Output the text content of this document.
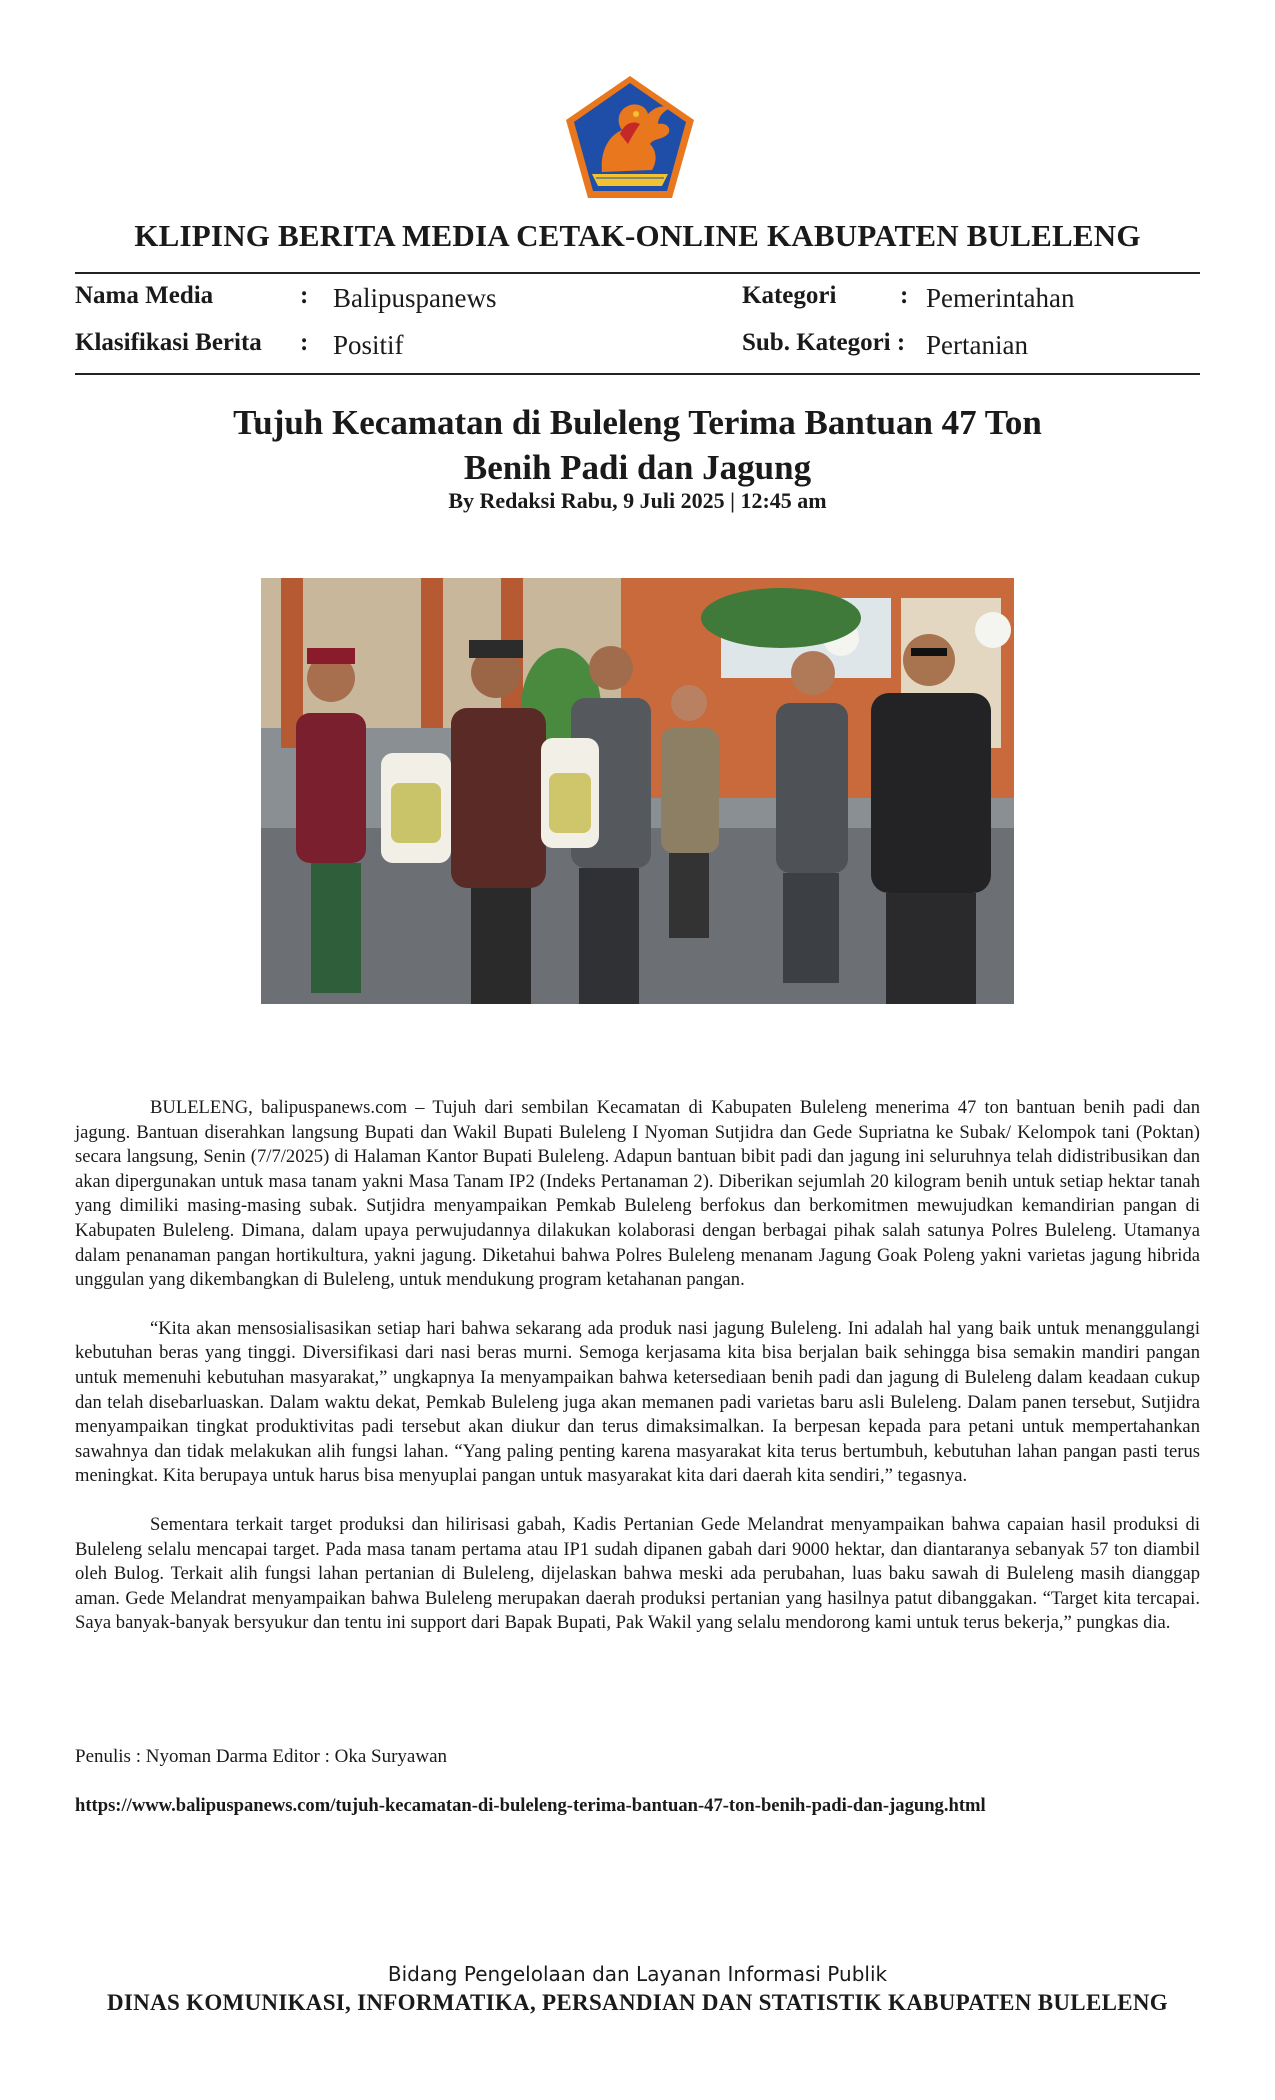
KLIPING BERITA MEDIA CETAK-ONLINE KABUPATEN BULELENG
Nama Media	: Balipuspanews	Kategori	: Pemerintahan
Klasifikasi Berita : Positif	Sub. Kategori : Pertanian
Tujuh Kecamatan di Buleleng Terima Bantuan 47 Ton
Benih Padi dan Jagung
By Redaksi Rabu, 9 Juli 2025 | 12:45 am

BULELENG, balipuspanews.com – Tujuh dari sembilan Kecamatan di Kabupaten Buleleng menerima 47 ton bantuan benih padi dan jagung. Bantuan diserahkan langsung Bupati dan Wakil Bupati Buleleng I Nyoman Sutjidra dan Gede Supriatna ke Subak/ Kelompok tani (Poktan) secara langsung, Senin (7/7/2025) di Halaman Kantor Bupati Buleleng. Adapun bantuan bibit padi dan jagung ini seluruhnya telah didistribusikan dan akan dipergunakan untuk masa tanam yakni Masa Tanam IP2 (Indeks Pertanaman 2). Diberikan sejumlah 20 kilogram benih untuk setiap hektar tanah yang dimiliki masing-masing subak. Sutjidra menyampaikan Pemkab Buleleng berfokus dan berkomitmen mewujudkan kemandirian pangan di Kabupaten Buleleng. Dimana, dalam upaya perwujudannya dilakukan kolaborasi dengan berbagai pihak salah satunya Polres Buleleng. Utamanya dalam penanaman pangan hortikultura, yakni jagung. Diketahui bahwa Polres Buleleng menanam Jagung Goak Poleng yakni varietas jagung hibrida unggulan yang dikembangkan di Buleleng, untuk mendukung program ketahanan pangan.

“Kita akan mensosialisasikan setiap hari bahwa sekarang ada produk nasi jagung Buleleng. Ini adalah hal yang baik untuk menanggulangi kebutuhan beras yang tinggi. Diversifikasi dari nasi beras murni. Semoga kerjasama kita bisa berjalan baik sehingga bisa semakin mandiri pangan untuk memenuhi kebutuhan masyarakat,” ungkapnya Ia menyampaikan bahwa ketersediaan benih padi dan jagung di Buleleng dalam keadaan cukup dan telah disebarluaskan. Dalam waktu dekat, Pemkab Buleleng juga akan memanen padi varietas baru asli Buleleng. Dalam panen tersebut, Sutjidra menyampaikan tingkat produktivitas padi tersebut akan diukur dan terus dimaksimalkan. Ia berpesan kepada para petani untuk mempertahankan sawahnya dan tidak melakukan alih fungsi lahan. “Yang paling penting karena masyarakat kita terus bertumbuh, kebutuhan lahan pangan pasti terus meningkat. Kita berupaya untuk harus bisa menyuplai pangan untuk masyarakat kita dari daerah kita sendiri,” tegasnya.

Sementara terkait target produksi dan hilirisasi gabah, Kadis Pertanian Gede Melandrat menyampaikan bahwa capaian hasil produksi di Buleleng selalu mencapai target. Pada masa tanam pertama atau IP1 sudah dipanen gabah dari 9000 hektar, dan diantaranya sebanyak 57 ton diambil oleh Bulog. Terkait alih fungsi lahan pertanian di Buleleng, dijelaskan bahwa meski ada perubahan, luas baku sawah di Buleleng masih dianggap aman. Gede Melandrat menyampaikan bahwa Buleleng merupakan daerah produksi pertanian yang hasilnya patut dibanggakan. “Target kita tercapai. Saya banyak-banyak bersyukur dan tentu ini support dari Bapak Bupati, Pak Wakil yang selalu mendorong kami untuk terus bekerja,” pungkas dia.

Penulis : Nyoman Darma Editor : Oka Suryawan
https://www.balipuspanews.com/tujuh-kecamatan-di-buleleng-terima-bantuan-47-ton-benih-padi-dan-jagung.html
Bidang Pengelolaan dan Layanan Informasi Publik
DINAS KOMUNIKASI, INFORMATIKA, PERSANDIAN DAN STATISTIK KABUPATEN BULELENG
